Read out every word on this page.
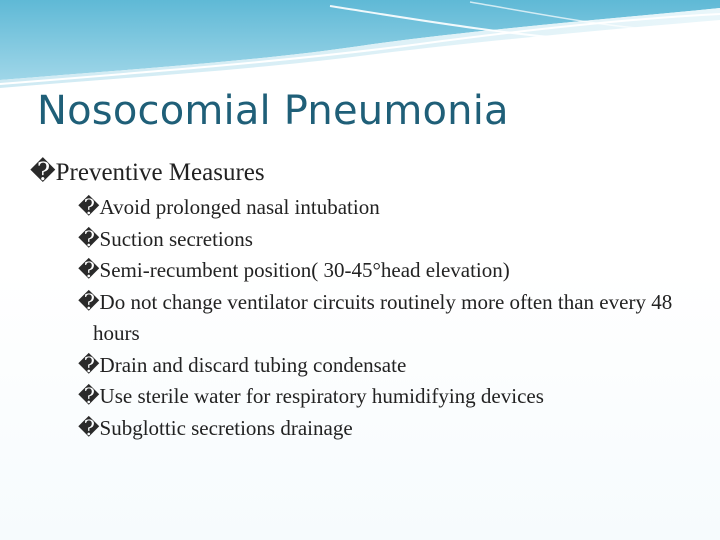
Nosocomial Pneumonia
�Preventive Measures
�Avoid prolonged nasal intubation
�Suction secretions
�Semi-recumbent position( 30-45°head elevation)
�Do not change ventilator circuits routinely more often than every 48 hours
�Drain and discard tubing condensate
�Use sterile water for respiratory humidifying devices
�Subglottic secretions drainage
